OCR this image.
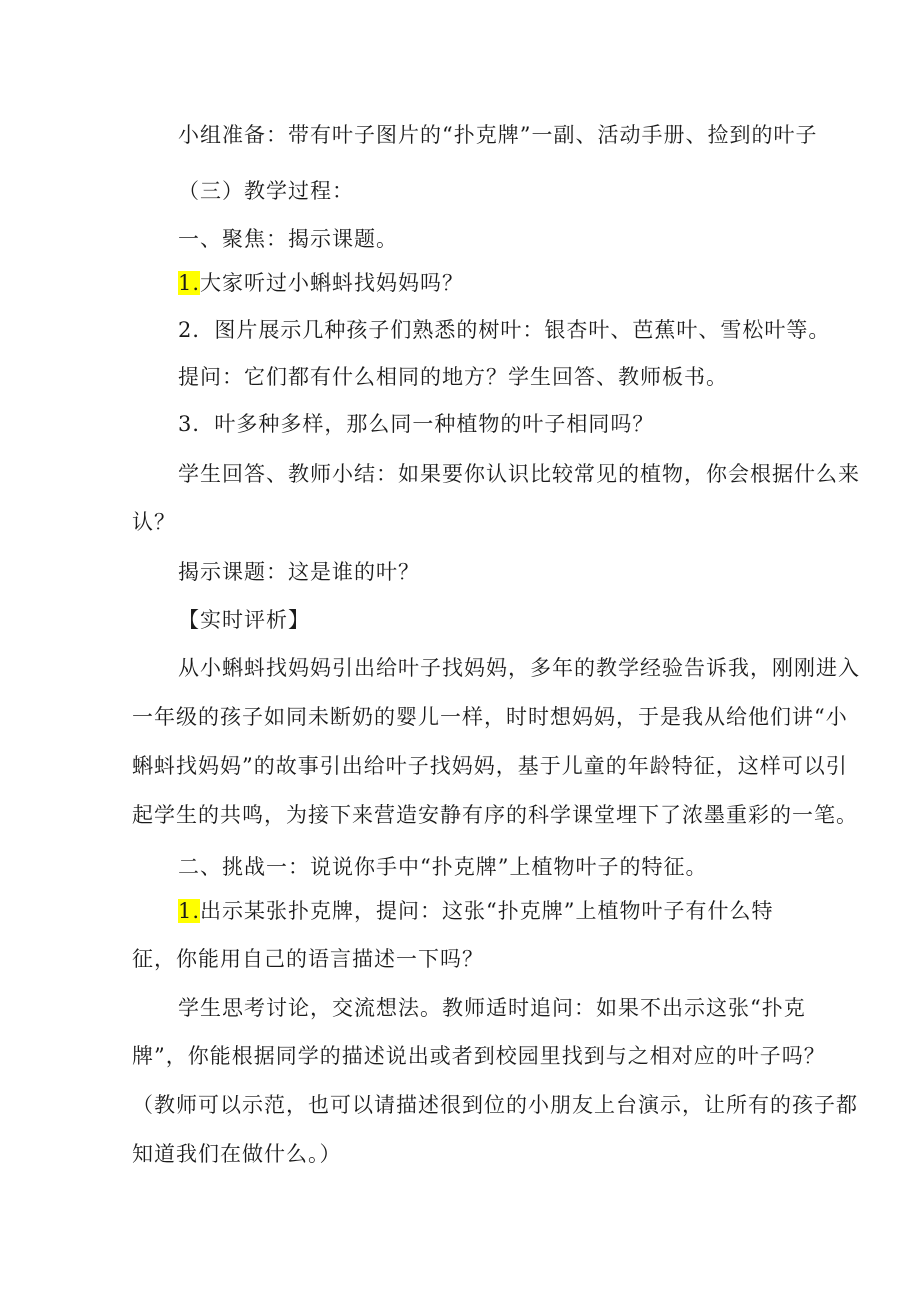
小组准备：带有叶子图片的“扑克牌”一副、活动手册、捡到的叶子
（三）教学过程：
一、聚焦：揭示课题。
1.大家听过小蝌蚪找妈妈吗？
2．图片展示几种孩子们熟悉的树叶：银杏叶、芭蕉叶、雪松叶等。
提问：它们都有什么相同的地方？学生回答、教师板书。
3．叶多种多样，那么同一种植物的叶子相同吗？
学生回答、教师小结：如果要你认识比较常见的植物，你会根据什么来
认？
揭示课题：这是谁的叶？
【实时评析】
从小蝌蚪找妈妈引出给叶子找妈妈，多年的教学经验告诉我，刚刚进入
一年级的孩子如同未断奶的婴儿一样，时时想妈妈，于是我从给他们讲“小
蝌蚪找妈妈”的故事引出给叶子找妈妈，基于儿童的年龄特征，这样可以引
起学生的共鸣，为接下来营造安静有序的科学课堂埋下了浓墨重彩的一笔。
二、挑战一：说说你手中“扑克牌”上植物叶子的特征。
1.出示某张扑克牌，提问：这张“扑克牌”上植物叶子有什么特
征，你能用自己的语言描述一下吗？
学生思考讨论，交流想法。教师适时追问：如果不出示这张“扑克
牌”，你能根据同学的描述说出或者到校园里找到与之相对应的叶子吗？
（教师可以示范，也可以请描述很到位的小朋友上台演示，让所有的孩子都
知道我们在做什么。）
